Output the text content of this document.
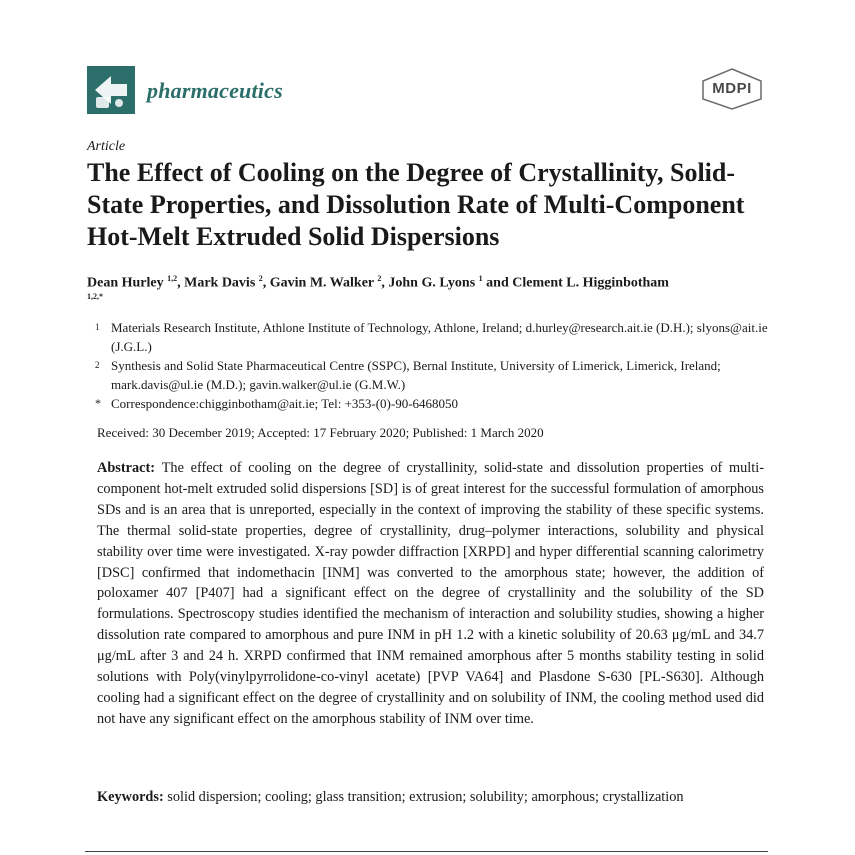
pharmaceutics	MDPI
Article
The Effect of Cooling on the Degree of Crystallinity, Solid-State Properties, and Dissolution Rate of Multi-Component Hot-Melt Extruded Solid Dispersions
Dean Hurley $^{1,2}$, Mark Davis $^2$, Gavin M. Walker $^2$, John G. Lyons $^1$ and Clement L. Higginbotham
1,2,*
1 Materials Research Institute, Athlone Institute of Technology, Athlone, Ireland; d.hurley@research.ait.ie (D.H.); slyons@ait.ie (J.G.L.)
2 Synthesis and Solid State Pharmaceutical Centre (SSPC), Bernal Institute, University of Limerick, Limerick, Ireland; mark.davis@ul.ie (M.D.); gavin.walker@ul.ie (G.M.W.)
* Correspondence:chigginbotham@ait.ie; Tel: +353-(0)-90-6468050
Received: 30 December 2019; Accepted: 17 February 2020; Published: 1 March 2020
Abstract: The effect of cooling on the degree of crystallinity, solid-state and dissolution properties of multi-component hot-melt extruded solid dispersions [SD] is of great interest for the successful formulation of amorphous SDs and is an area that is unreported, especially in the context of improving the stability of these specific systems. The thermal solid-state properties, degree of crystallinity, drug–polymer interactions, solubility and physical stability over time were investigated. X-ray powder diffraction [XRPD] and hyper differential scanning calorimetry [DSC] confirmed that indomethacin [INM] was converted to the amorphous state; however, the addition of poloxamer 407 [P407] had a significant effect on the degree of crystallinity and the solubility of the SD formulations. Spectroscopy studies identified the mechanism of interaction and solubility studies, showing a higher dissolution rate compared to amorphous and pure INM in pH 1.2 with a kinetic solubility of 20.63 μg/mL and 34.7 μg/mL after 3 and 24 h. XRPD confirmed that INM remained amorphous after 5 months stability testing in solid solutions with Poly(vinylpyrrolidone-co-vinyl acetate) [PVP VA64] and Plasdone S-630 [PL-S630]. Although cooling had a significant effect on the degree of crystallinity and on solubility of INM, the cooling method used did not have any significant effect on the amorphous stability of INM over time.
Keywords: solid dispersion; cooling; glass transition; extrusion; solubility; amorphous; crystallization
